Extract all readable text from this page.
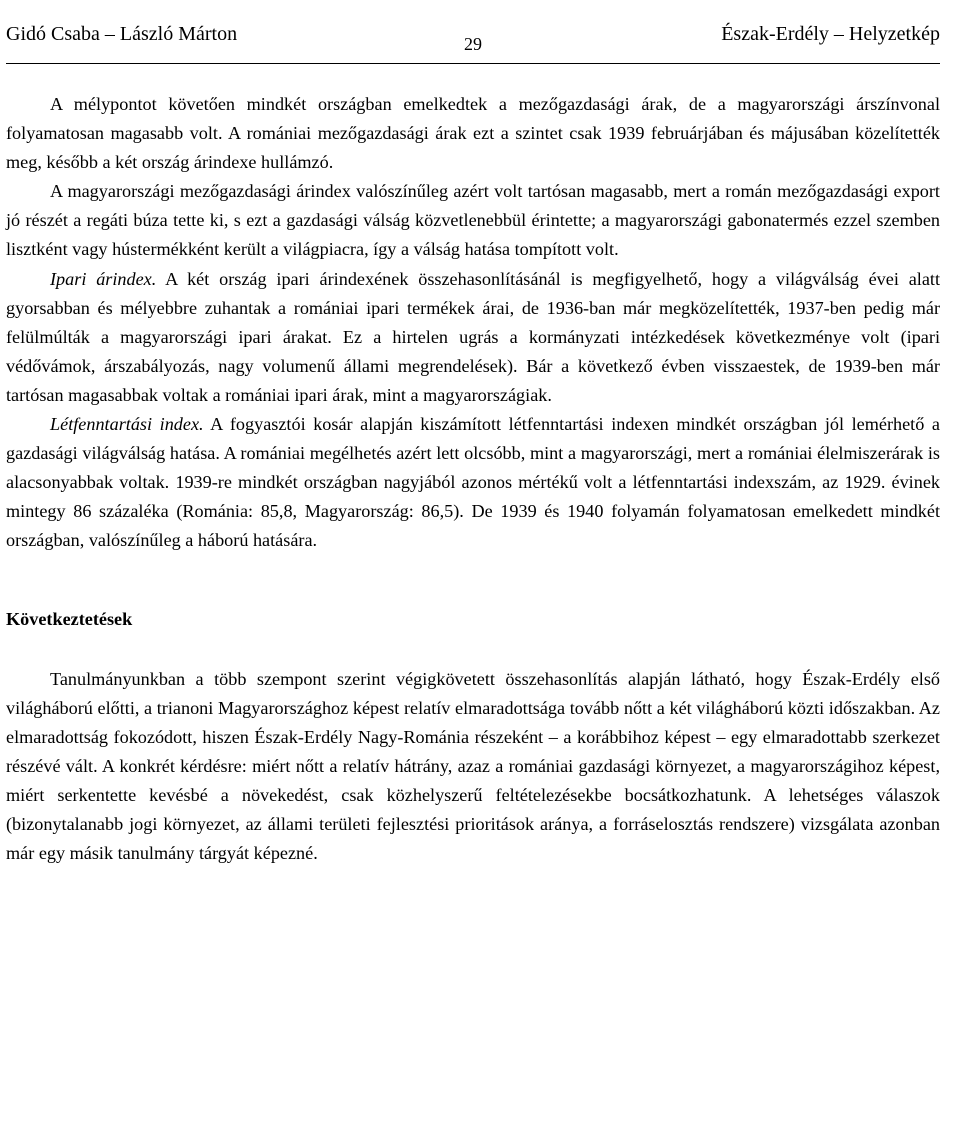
Gidó Csaba – László Márton	29	Észak-Erdély – Helyzetkép

A mélypontot követően mindkét országban emelkedtek a mezőgazdasági árak, de a magyarországi árszínvonal folyamatosan magasabb volt. A romániai mezőgazdasági árak ezt a szintet csak 1939 februárjában és májusában közelítették meg, később a két ország árindexe hullámzó.

A magyarországi mezőgazdasági árindex valószínűleg azért volt tartósan magasabb, mert a román mezőgazdasági export jó részét a regáti búza tette ki, s ezt a gazdasági válság közvetlenebbül érintette; a magyarországi gabonatermés ezzel szemben lisztként vagy hústermékként került a világpiacra, így a válság hatása tompított volt.

Ipari árindex. A két ország ipari árindexének összehasonlításánál is megfigyelhető, hogy a világválság évei alatt gyorsabban és mélyebbre zuhantak a romániai ipari termékek árai, de 1936-ban már megközelítették, 1937-ben pedig már felülmúlták a magyarországi ipari árakat. Ez a hirtelen ugrás a kormányzati intézkedések következménye volt (ipari védővámok, árszabályozás, nagy volumenű állami megrendelések). Bár a következő évben visszaestek, de 1939-ben már tartósan magasabbak voltak a romániai ipari árak, mint a magyarországiak.

Létfenntartási index. A fogyasztói kosár alapján kiszámított létfenntartási indexen mindkét országban jól lemérhető a gazdasági világválság hatása. A romániai megélhetés azért lett olcsóbb, mint a magyarországi, mert a romániai élelmiszerárak is alacsonyabbak voltak. 1939-re mindkét országban nagyjából azonos mértékű volt a létfenntartási indexszám, az 1929. évinek mintegy 86 százaléka (Románia: 85,8, Magyarország: 86,5). De 1939 és 1940 folyamán folyamatosan emelkedett mindkét országban, valószínűleg a háború hatására.

Következtetések

Tanulmányunkban a több szempont szerint végigkövetett összehasonlítás alapján látható, hogy Észak-Erdély első világháború előtti, a trianoni Magyarországhoz képest relatív elmaradottsága tovább nőtt a két világháború közti időszakban. Az elmaradottság fokozódott, hiszen Észak-Erdély Nagy-Románia részeként – a korábbihoz képest – egy elmaradottabb szerkezet részévé vált. A konkrét kérdésre: miért nőtt a relatív hátrány, azaz a romániai gazdasági környezet, a magyarországihoz képest, miért serkentette kevésbé a növekedést, csak közhelyszerű feltételezésekbe bocsátkozhatunk. A lehetséges válaszok (bizonytalanabb jogi környezet, az állami területi fejlesztési prioritások aránya, a forráselosztás rendszere) vizsgálata azonban már egy másik tanulmány tárgyát képezné.
